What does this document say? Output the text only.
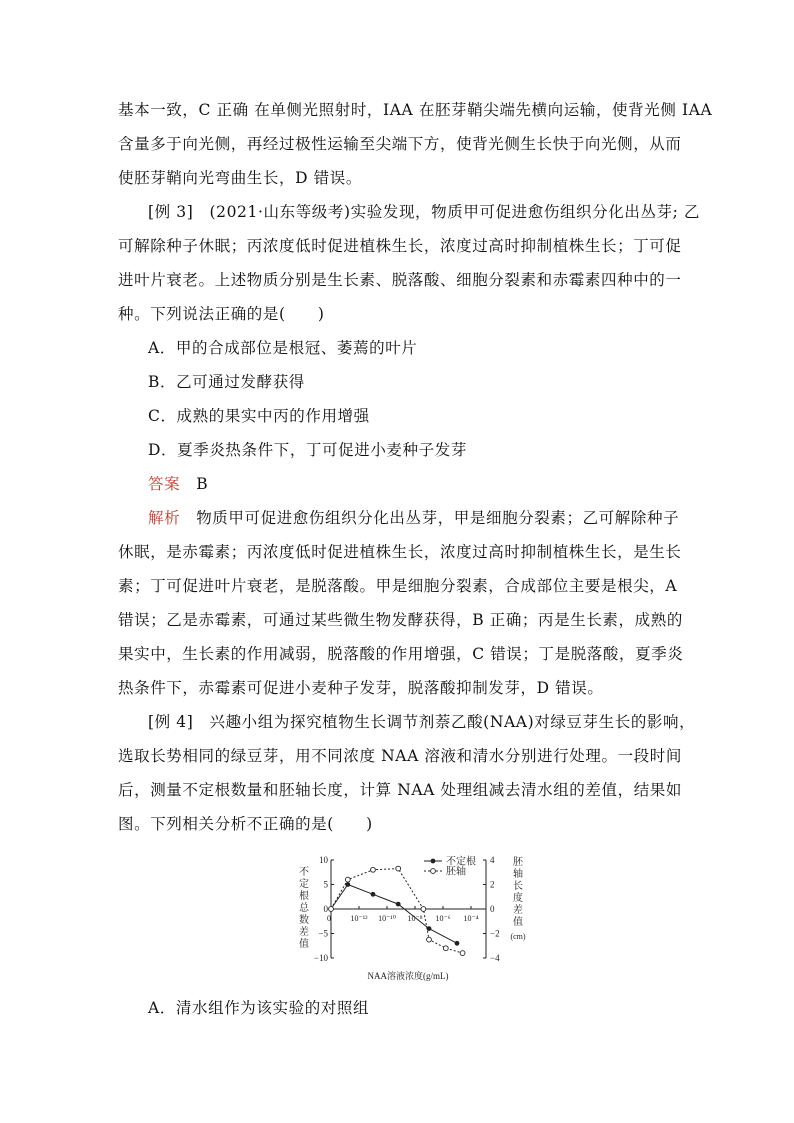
基本一致，C 正确 在单侧光照射时，IAA 在胚芽鞘尖端先横向运输，使背光侧 IAA
含量多于向光侧，再经过极性运输至尖端下方，使背光侧生长快于向光侧，从而
使胚芽鞘向光弯曲生长，D 错误。
[例 3]　(2021·山东等级考)实验发现，物质甲可促进愈伤组织分化出丛芽; 乙
可解除种子休眠；丙浓度低时促进植株生长，浓度过高时抑制植株生长；丁可促
进叶片衰老。上述物质分别是生长素、脱落酸、细胞分裂素和赤霉素四种中的一
种。下列说法正确的是(　　)
A．甲的合成部位是根冠、萎蔫的叶片
B．乙可通过发酵获得
C．成熟的果实中丙的作用增强
D．夏季炎热条件下，丁可促进小麦种子发芽
答案 B
解析 物质甲可促进愈伤组织分化出丛芽，甲是细胞分裂素；乙可解除种子
休眠，是赤霉素；丙浓度低时促进植株生长，浓度过高时抑制植株生长，是生长
素；丁可促进叶片衰老，是脱落酸。甲是细胞分裂素，合成部位主要是根尖，A
错误；乙是赤霉素，可通过某些微生物发酵获得，B 正确；丙是生长素，成熟的
果实中，生长素的作用减弱，脱落酸的作用增强，C 错误；丁是脱落酸，夏季炎
热条件下，赤霉素可促进小麦种子发芽，脱落酸抑制发芽，D 错误。
[例 4]　兴趣小组为探究植物生长调节剂萘乙酸(NAA)对绿豆芽生长的影响，
选取长势相同的绿豆芽，用不同浓度 NAA 溶液和清水分别进行处理。一段时间
后，测量不定根数量和胚轴长度，计算 NAA 处理组减去清水组的差值，结果如
图。下列相关分析不正确的是(　　)
10
5
0
−5
−10
4
2
0
−2
−4
0 10⁻¹² 10⁻¹⁰ 10⁻⁸ 10⁻⁶ 10⁻⁴
不
定
根
总
数
差
值
胚
轴
长
度
差
值
(cm)
NAA溶液浓度(g/mL)
不定根
胚轴
A．清水组作为该实验的对照组
